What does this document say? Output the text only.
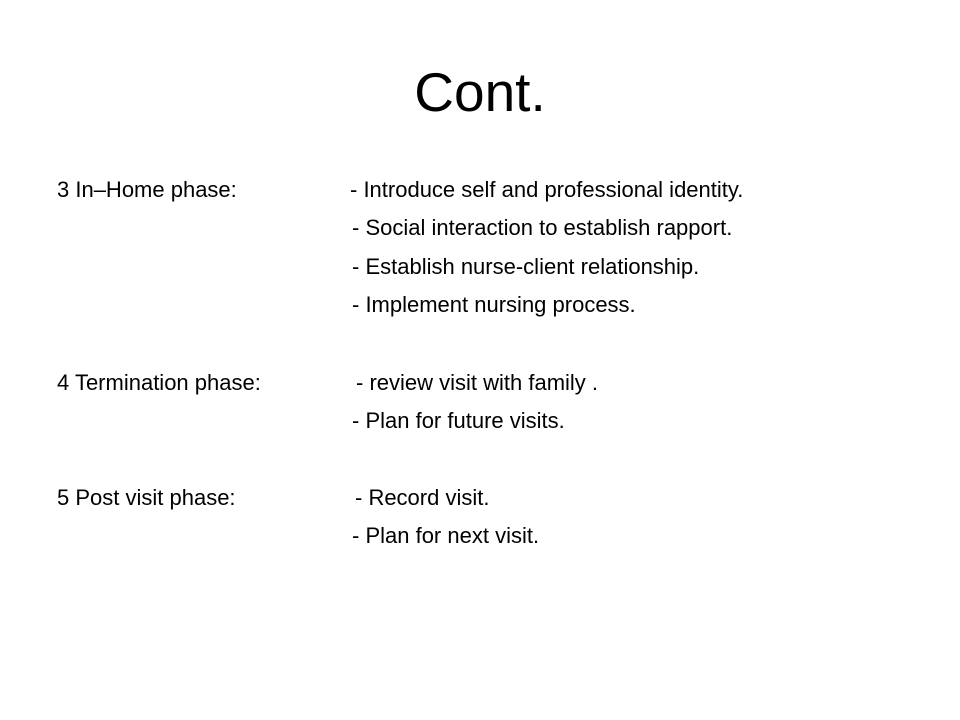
Cont.
3 In–Home phase:	- Introduce self and professional identity.
- Social interaction to establish rapport.
- Establish nurse-client relationship.
- Implement nursing process.
4 Termination phase:	- review visit with family .
- Plan for future visits.
5 Post visit phase:	- Record visit.
- Plan for next visit.
